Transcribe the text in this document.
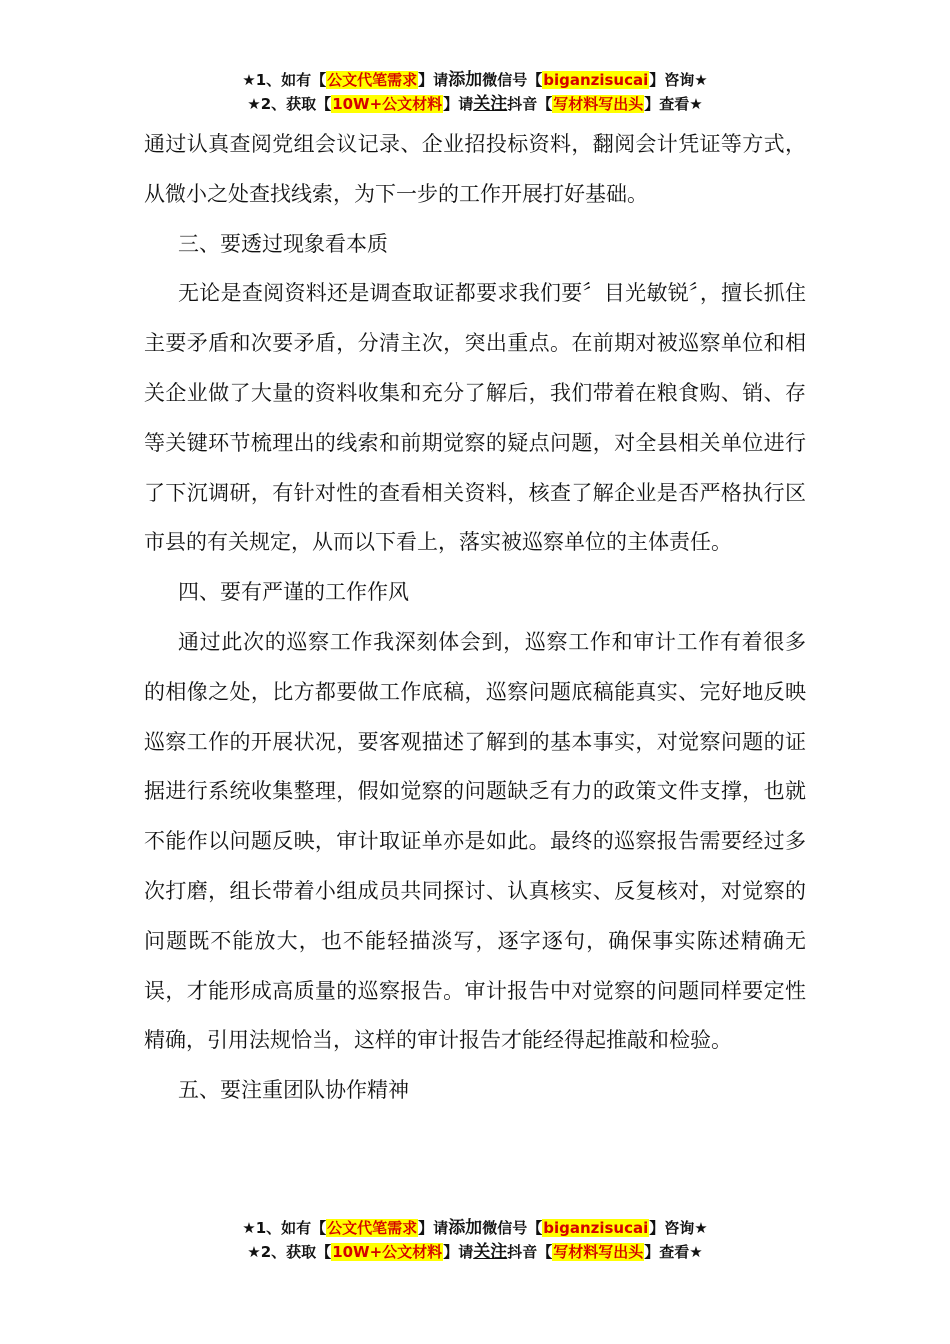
★1、如有【公文代笔需求】请添加微信号【biganzisucai】咨询★
★2、获取【10W+公文材料】请关注抖音【写材料写出头】查看★

通过认真查阅党组会议记录、企业招投标资料，翻阅会计凭证等方式，从微小之处查找线索，为下一步的工作开展打好基础。

三、要透过现象看本质

无论是查阅资料还是调查取证都要求我们要〞目光敏锐〞，擅长抓住主要矛盾和次要矛盾，分清主次，突出重点。在前期对被巡察单位和相关企业做了大量的资料收集和充分了解后，我们带着在粮食购、销、存等关键环节梳理出的线索和前期觉察的疑点问题，对全县相关单位进行了下沉调研，有针对性的查看相关资料，核查了解企业是否严格执行区市县的有关规定，从而以下看上，落实被巡察单位的主体责任。

四、要有严谨的工作作风

通过此次的巡察工作我深刻体会到，巡察工作和审计工作有着很多的相像之处，比方都要做工作底稿，巡察问题底稿能真实、完好地反映巡察工作的开展状况，要客观描述了解到的基本事实，对觉察问题的证据进行系统收集整理，假如觉察的问题缺乏有力的政策文件支撑，也就不能作以问题反映，审计取证单亦是如此。最终的巡察报告需要经过多次打磨，组长带着小组成员共同探讨、认真核实、反复核对，对觉察的问题既不能放大，也不能轻描淡写，逐字逐句，确保事实陈述精确无误，才能形成高质量的巡察报告。审计报告中对觉察的问题同样要定性精确，引用法规恰当，这样的审计报告才能经得起推敲和检验。

五、要注重团队协作精神

★1、如有【公文代笔需求】请添加微信号【biganzisucai】咨询★
★2、获取【10W+公文材料】请关注抖音【写材料写出头】查看★
